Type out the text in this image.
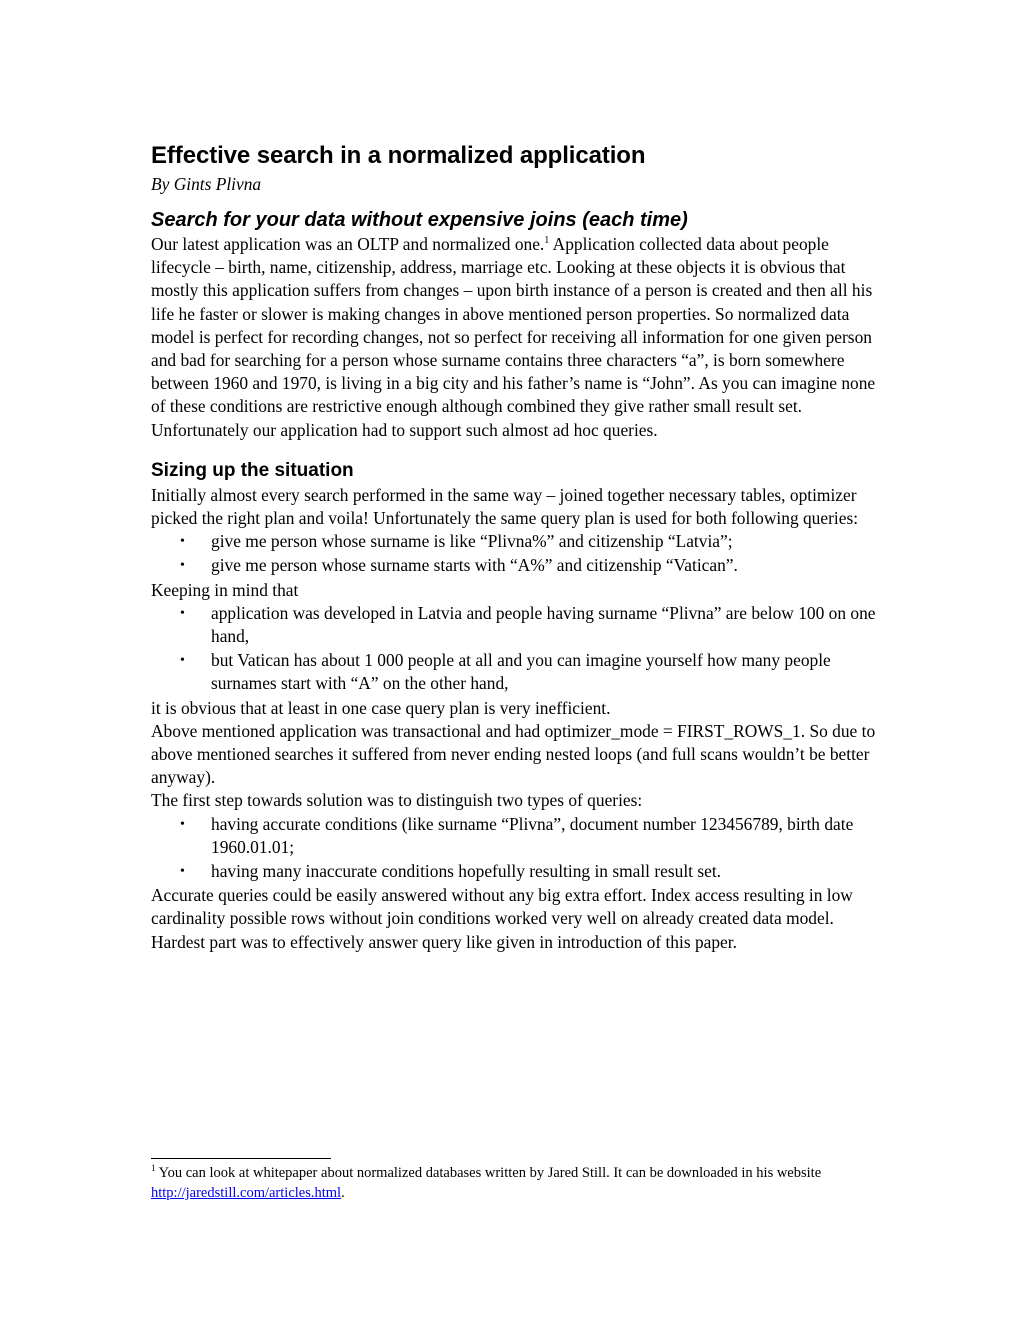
Effective search in a normalized application
By Gints Plivna
Search for your data without expensive joins (each time)

Our latest application was an OLTP and normalized one.$^1$ Application collected data about people lifecycle – birth, name, citizenship, address, marriage etc. Looking at these objects it is obvious that mostly this application suffers from changes – upon birth instance of a person is created and then all his life he faster or slower is making changes in above mentioned person properties. So normalized data model is perfect for recording changes, not so perfect for receiving all information for one given person and bad for searching for a person whose surname contains three characters “a”, is born somewhere between 1960 and 1970, is living in a big city and his father’s name is “John”. As you can imagine none of these conditions are restrictive enough although combined they give rather small result set. Unfortunately our application had to support such almost ad hoc queries.

Sizing up the situation

Initially almost every search performed in the same way – joined together necessary tables, optimizer picked the right plan and voila! Unfortunately the same query plan is used for both following queries:

• give me person whose surname is like “Plivna%” and citizenship “Latvia”;
• give me person whose surname starts with “A%” and citizenship “Vatican”.

Keeping in mind that

• application was developed in Latvia and people having surname “Plivna” are below 100 on one hand,
• but Vatican has about 1 000 people at all and you can imagine yourself how many people surnames start with “A” on the other hand,

it is obvious that at least in one case query plan is very inefficient.

Above mentioned application was transactional and had optimizer_mode = FIRST_ROWS_1. So due to above mentioned searches it suffered from never ending nested loops (and full scans wouldn’t be better anyway).

The first step towards solution was to distinguish two types of queries:

• having accurate conditions (like surname “Plivna”, document number 123456789, birth date 1960.01.01;
• having many inaccurate conditions hopefully resulting in small result set.

Accurate queries could be easily answered without any big extra effort. Index access resulting in low cardinality possible rows without join conditions worked very well on already created data model.

Hardest part was to effectively answer query like given in introduction of this paper.

$^1$ You can look at whitepaper about normalized databases written by Jared Still. It can be downloaded in his website http://jaredstill.com/articles.html.
